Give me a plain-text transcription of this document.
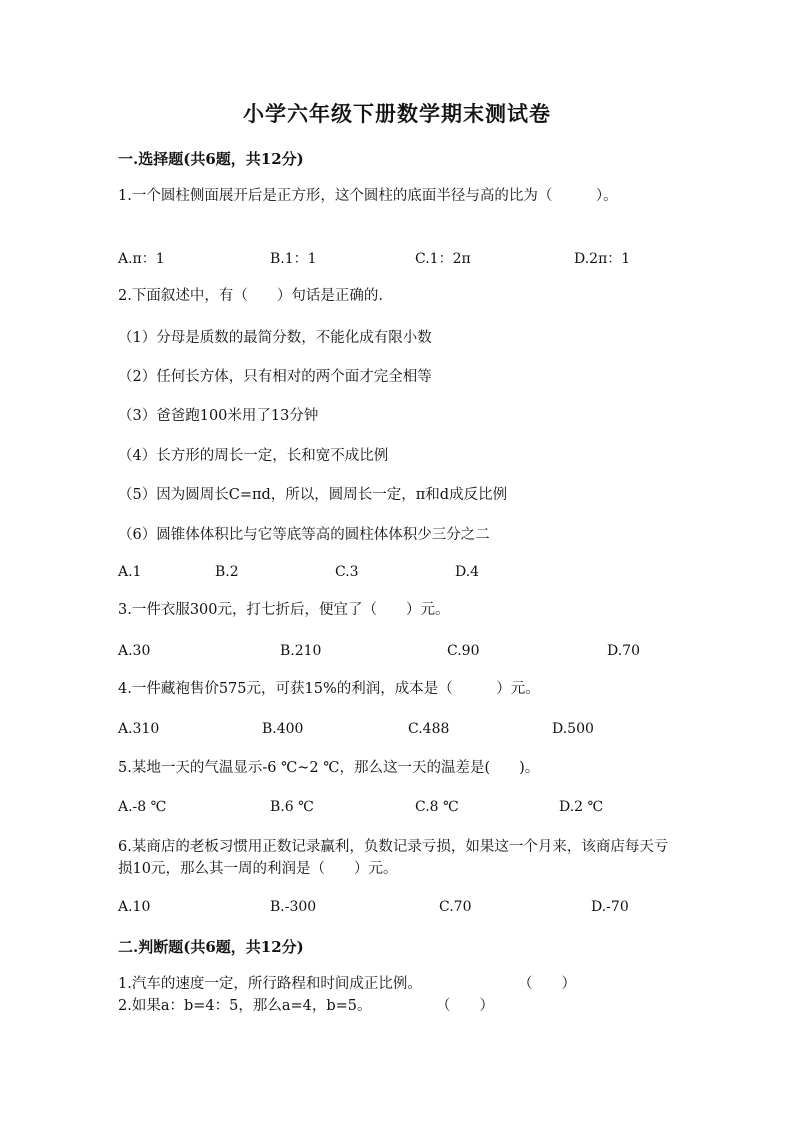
小学六年级下册数学期末测试卷
一.选择题(共6题，共12分)
1.一个圆柱侧面展开后是正方形，这个圆柱的底面半径与高的比为（　　　）。
A.π：1	B.1：1	C.1：2π	D.2π：1
2.下面叙述中，有（　　）句话是正确的.
（1）分母是质数的最简分数，不能化成有限小数
（2）任何长方体，只有相对的两个面才完全相等
（3）爸爸跑100米用了13分钟
（4）长方形的周长一定，长和宽不成比例
（5）因为圆周长C=πd，所以，圆周长一定，π和d成反比例
（6）圆锥体体积比与它等底等高的圆柱体体积少三分之二
A.1	B.2	C.3	D.4
3.一件衣服300元，打七折后，便宜了（　　）元。
A.30	B.210	C.90	D.70
4.一件藏袍售价575元，可获15%的利润，成本是（　　　）元。
A.310	B.400	C.488	D.500
5.某地一天的气温显示-6 ℃~2 ℃，那么这一天的温差是(　　)。
A.-8 ℃	B.6 ℃	C.8 ℃	D.2 ℃
6.某商店的老板习惯用正数记录赢利，负数记录亏损，如果这一个月来，该商店每天亏损10元，那么其一周的利润是（　　）元。
A.10	B.-300	C.70	D.-70
二.判断题(共6题，共12分)
1.汽车的速度一定，所行路程和时间成正比例。	（　　）
2.如果a：b=4：5，那么a=4，b=5。	（　　）
